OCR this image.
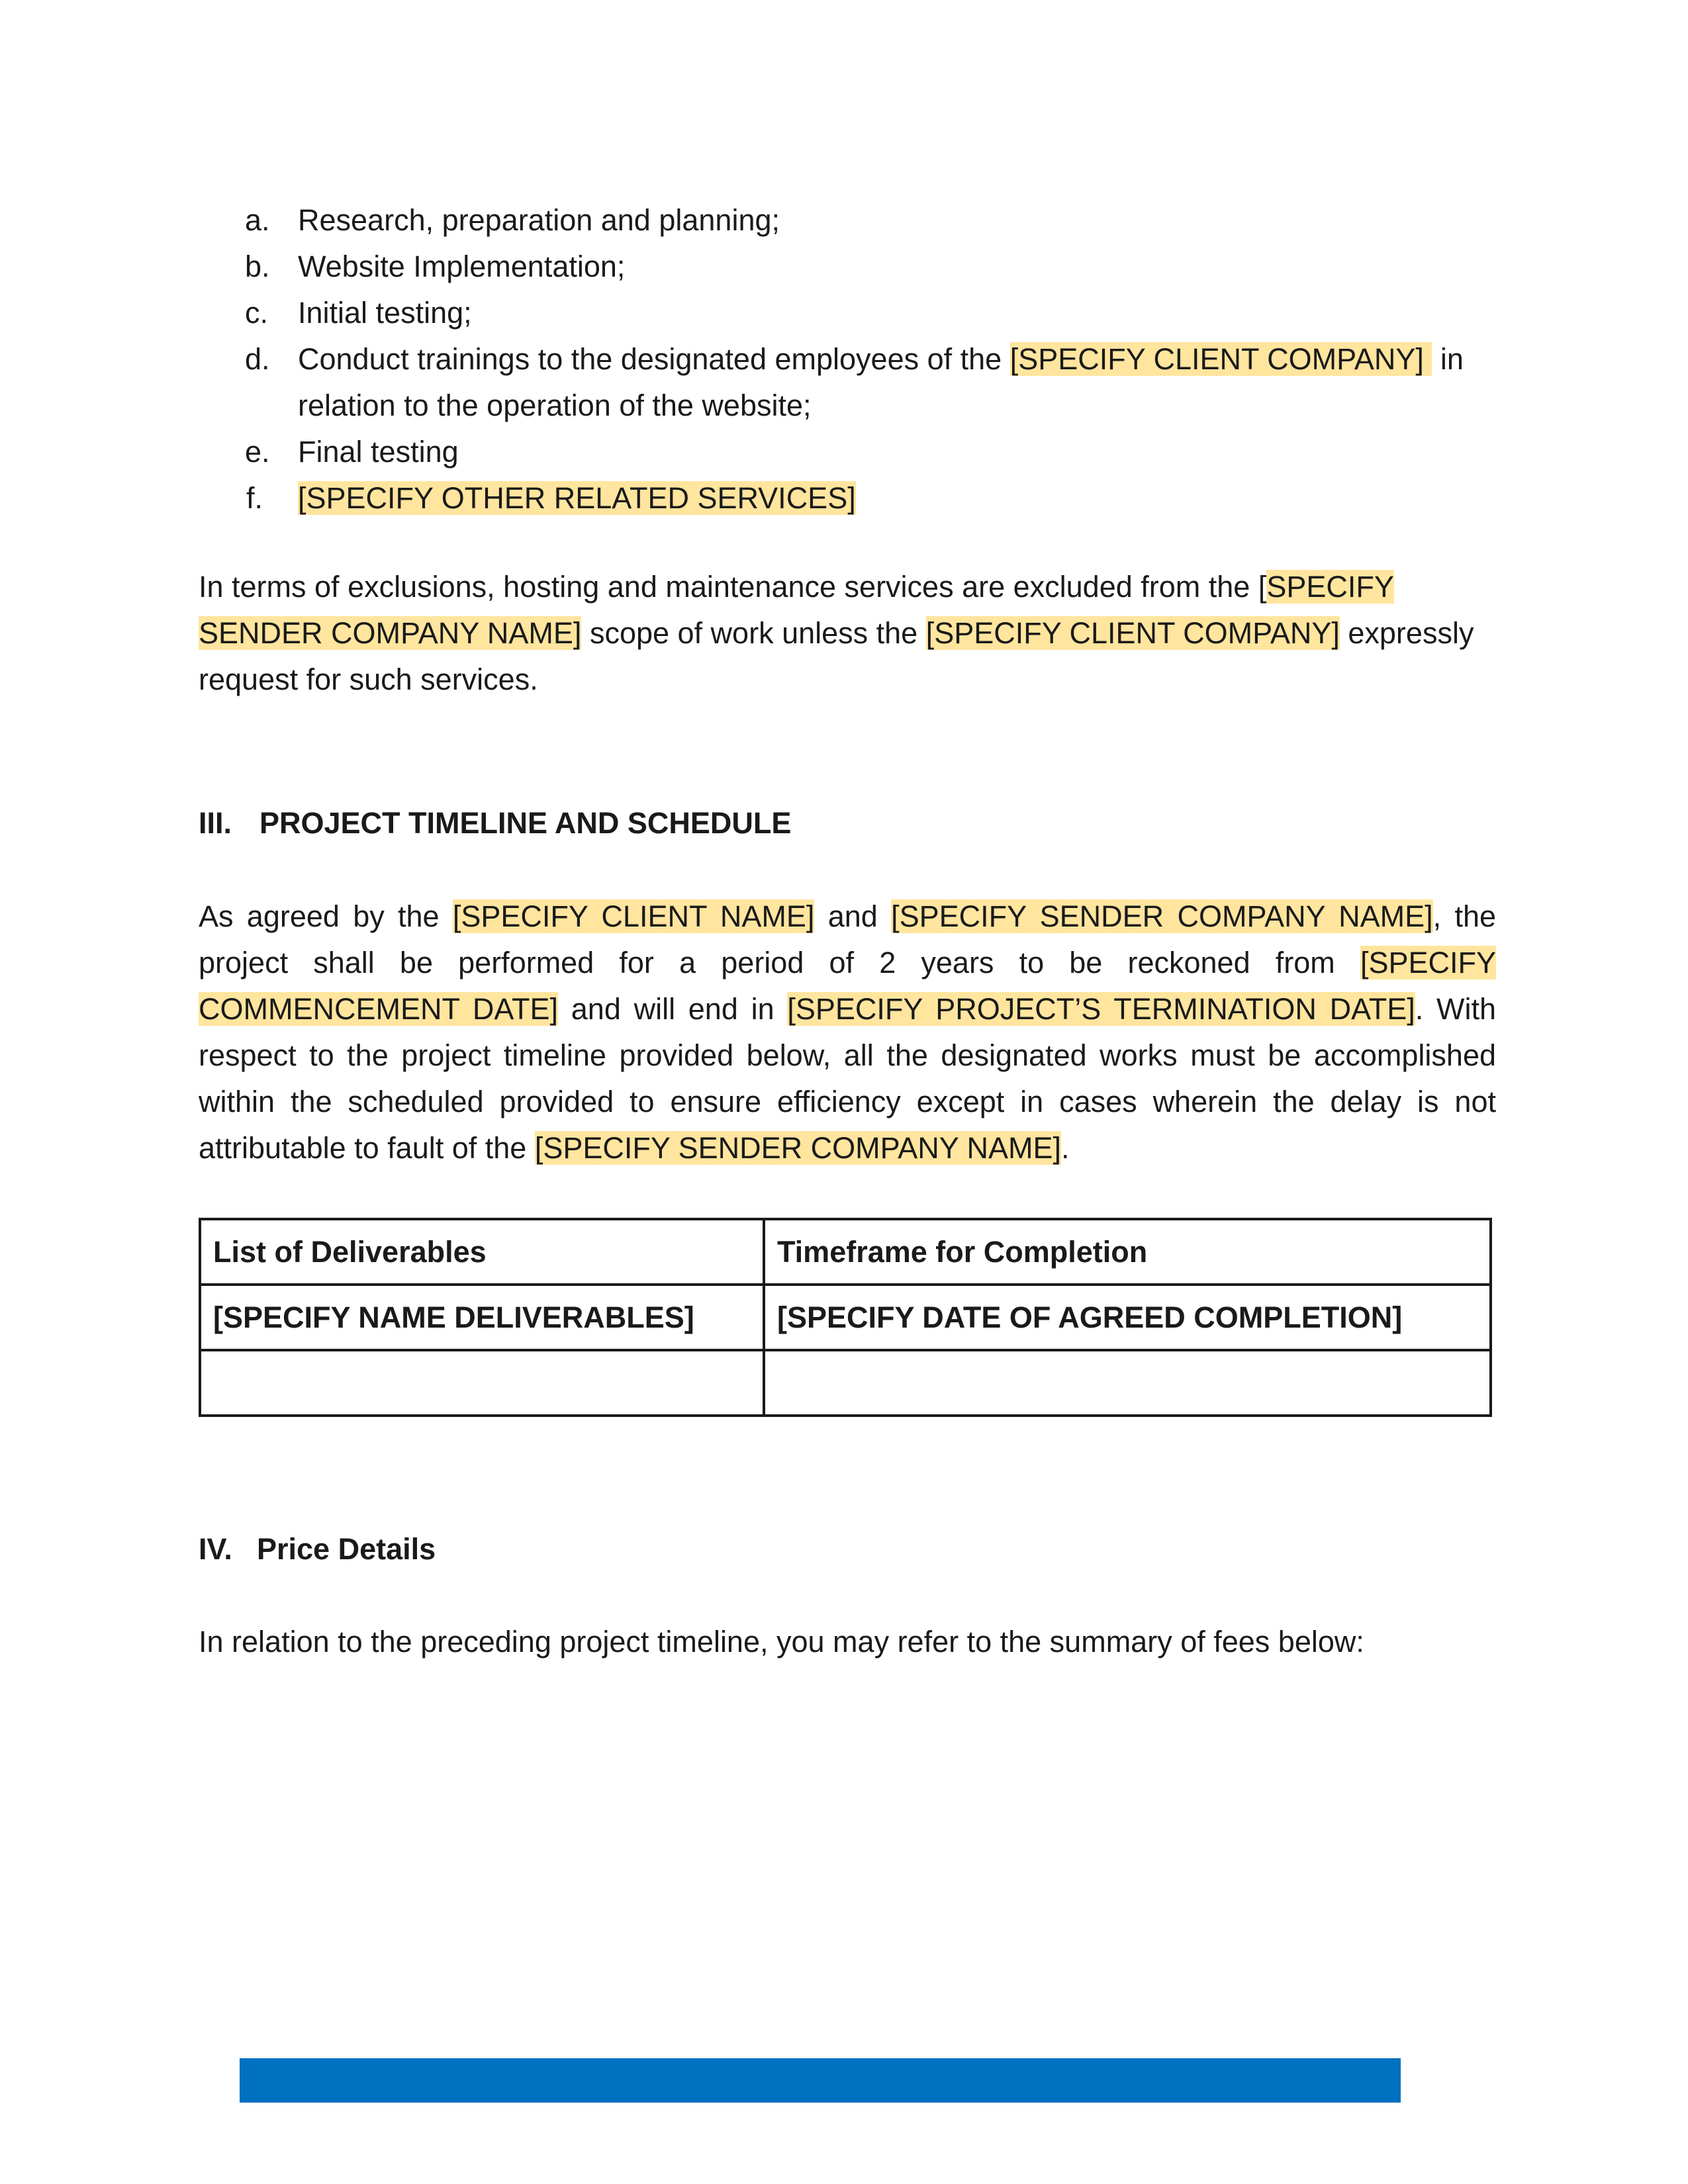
a. Research, preparation and planning;
b. Website Implementation;
c. Initial testing;
d. Conduct trainings to the designated employees of the [SPECIFY CLIENT COMPANY]  in
relation to the operation of the website;
e. Final testing
f.	[SPECIFY OTHER RELATED SERVICES]

In terms of exclusions, hosting and maintenance services are excluded from the [SPECIFY
SENDER COMPANY NAME] scope of work unless the [SPECIFY CLIENT COMPANY] expressly
request for such services.

III. PROJECT TIMELINE AND SCHEDULE

As agreed by the [SPECIFY CLIENT NAME] and [SPECIFY SENDER COMPANY NAME], the project shall be performed for a period of 2 years to be reckoned from [SPECIFY COMMENCEMENT DATE] and will end in [SPECIFY PROJECT’S TERMINATION DATE]. With respect to the project timeline provided below, all the designated works must be accomplished within the scheduled provided to ensure efficiency except in cases wherein the delay is not attributable to fault of the [SPECIFY SENDER COMPANY NAME].

List of Deliverables	Timeframe for Completion
[SPECIFY NAME DELIVERABLES]	[SPECIFY DATE OF AGREED COMPLETION]

IV. Price Details

In relation to the preceding project timeline, you may refer to the summary of fees below:
